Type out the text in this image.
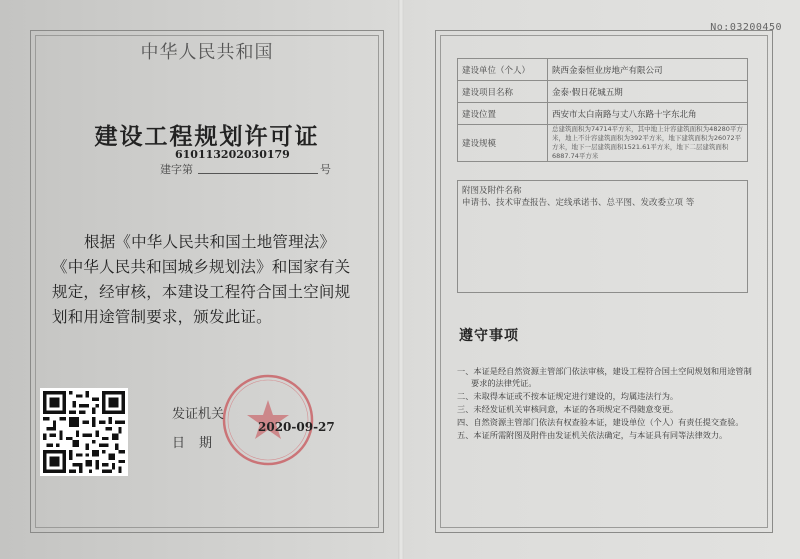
No:03200450
中华人民共和国
建设工程规划许可证
610113202030179
建字第	号
根据《中华人民共和国土地管理法》《中华人民共和国城乡规划法》和国家有关规定，经审核，本建设工程符合国土空间规划和用途管制要求，颁发此证。
发证机关
日期
2020-09-27
建设单位（个人）	陕西金泰恒业房地产有限公司
建设项目名称	金泰·假日花城五期
建设位置	西安市太白南路与丈八东路十字东北角
建设规模	总建筑面积为74714平方米，其中地上计容建筑面积为48280平方米，地上不计容建筑面积为392平方米，地下建筑面积为26072平方米，地下一层建筑面积1521.61平方米，地下二层建筑面积6887.74平方米
附图及附件名称
申请书、技术审查报告、定线承诺书、总平图、发改委立项 等
遵守事项
一、本证是经自然资源主管部门依法审核，建设工程符合国土空间规划和用途管制要求的法律凭证。
二、未取得本证或不按本证规定进行建设的，均属违法行为。
三、未经发证机关审核同意，本证的各项规定不得随意变更。
四、自然资源主管部门依法有权查验本证，建设单位（个人）有责任提交查验。
五、本证所需附图及附件由发证机关依法确定，与本证具有同等法律效力。
